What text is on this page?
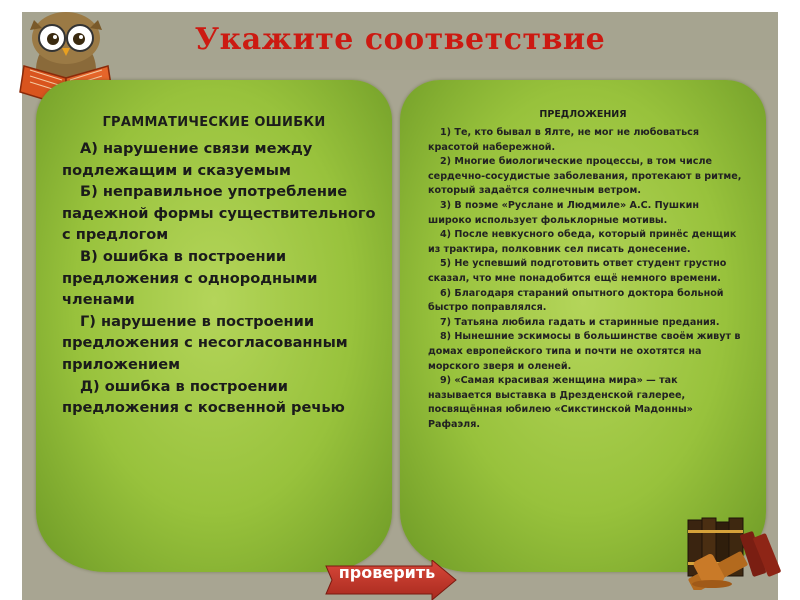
Укажите соответствие
ГРАММАТИЧЕСКИЕ ОШИБКИ

А) нарушение связи между подлежащим и сказуемым

Б) неправильное употребление падежной формы существительного с предлогом

В) ошибка в построении предложения с однородными членами

Г) нарушение в построении предложения с несогласованным приложением

Д) ошибка в построении предложения с косвенной речью

ПРЕДЛОЖЕНИЯ

1) Те, кто бывал в Ялте, не мог не любоваться красотой набережной.

2) Многие биологические процессы, в том числе сердечно-сосудистые заболевания, протекают в ритме, который задаётся солнечным ветром.

3) В поэме «Руслане и Людмиле» А.С. Пушкин широко использует фольклорные мотивы.

4) После невкусного обеда, который принёс денщик из трактира, полковник сел писать донесение.

5) Не успевший подготовить ответ студент грустно сказал, что мне понадобится ещё немного времени.

6) Благодаря стараний опытного доктора больной быстро поправлялся.

7) Татьяна любила гадать и старинные предания.

8) Нынешние эскимосы в большинстве своём живут в домах европейского типа и почти не охотятся на морского зверя и оленей.

9) «Самая красивая женщина мира» — так называется выставка в Дрезденской галерее, посвящённая юбилею «Сикстинской Мадонны» Рафаэля.

проверить
